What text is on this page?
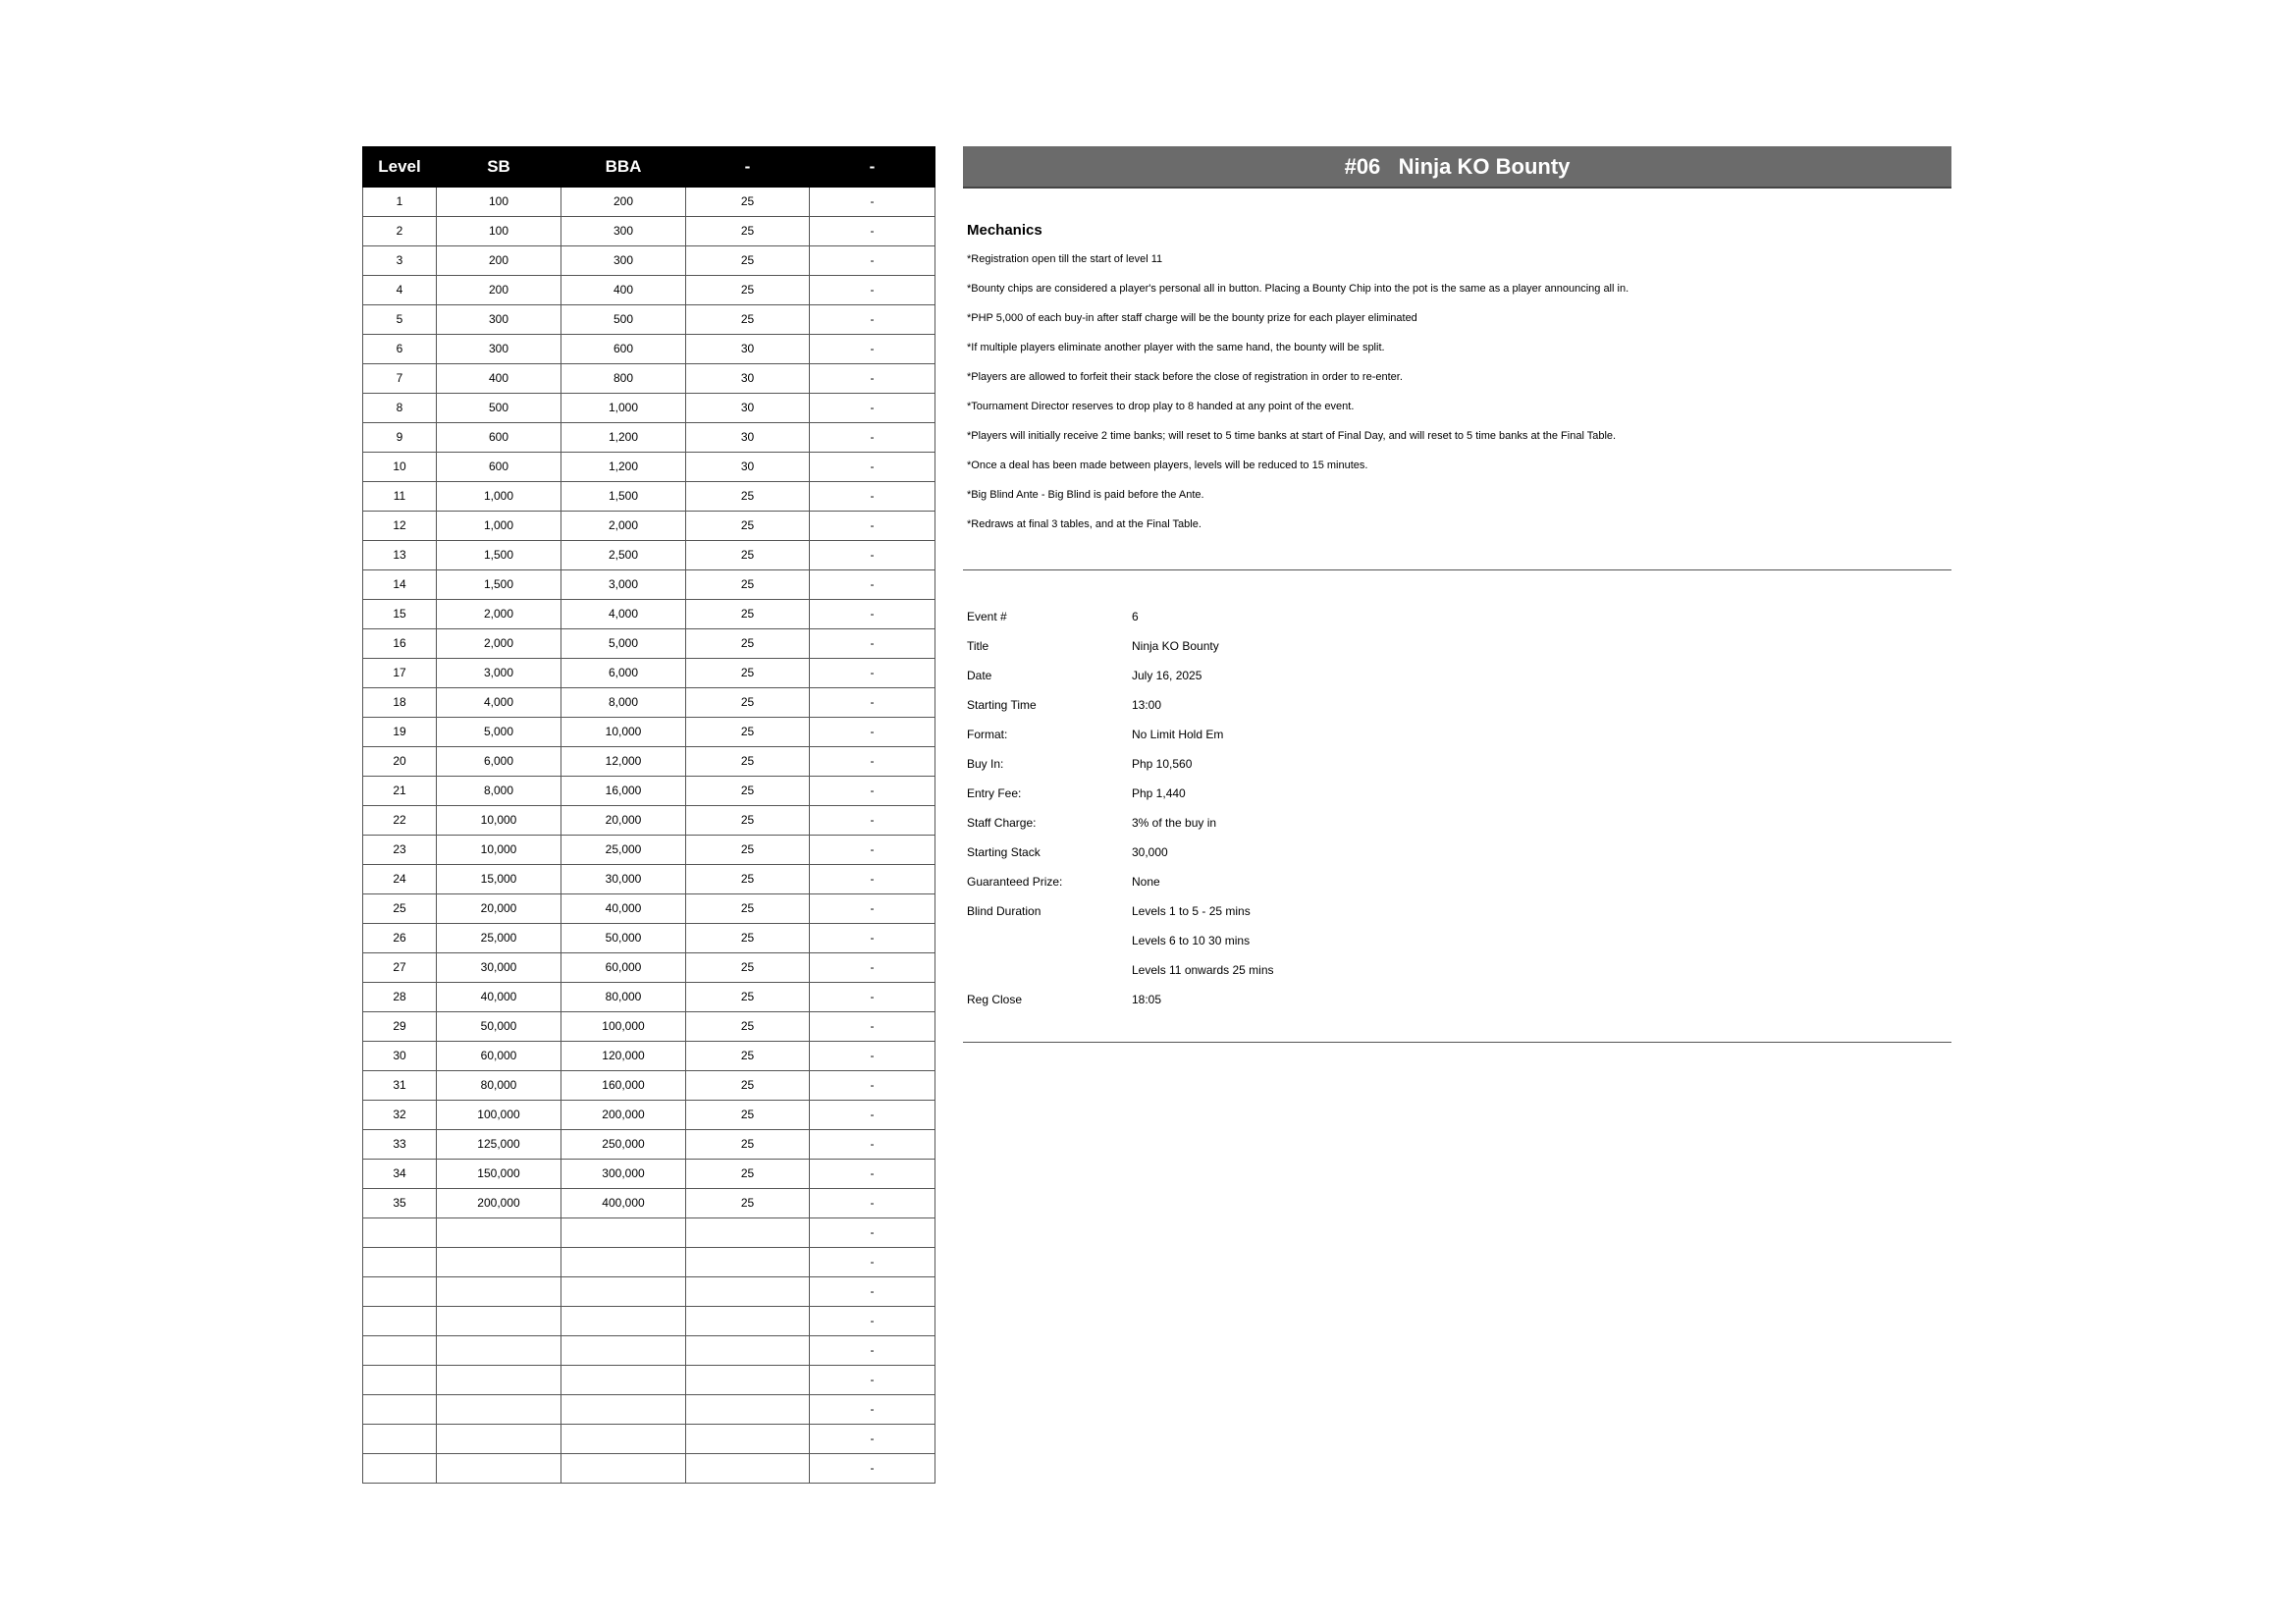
Level	SB	BBA	-	-
1	100	200	25	-
2	100	300	25	-
3	200	300	25	-
4	200	400	25	-
5	300	500	25	-
6	300	600	30	-
7	400	800	30	-
8	500	1,000	30	-
9	600	1,200	30	-
10	600	1,200	30	-
11	1,000	1,500	25	-
12	1,000	2,000	25	-
13	1,500	2,500	25	-
14	1,500	3,000	25	-
15	2,000	4,000	25	-
16	2,000	5,000	25	-
17	3,000	6,000	25	-
18	4,000	8,000	25	-
19	5,000	10,000	25	-
20	6,000	12,000	25	-
21	8,000	16,000	25	-
22	10,000	20,000	25	-
23	10,000	25,000	25	-
24	15,000	30,000	25	-
25	20,000	40,000	25	-
26	25,000	50,000	25	-
27	30,000	60,000	25	-
28	40,000	80,000	25	-
29	50,000	100,000	25	-
30	60,000	120,000	25	-
31	80,000	160,000	25	-
32	100,000	200,000	25	-
33	125,000	250,000	25	-
34	150,000	300,000	25	-
35	200,000	400,000	25	-
				-
				-
				-
				-
				-
				-
				-
				-
				-
#06   Ninja KO Bounty
Mechanics
*Registration open till the start of level 11
*Bounty chips are considered a player's personal all in button. Placing a Bounty Chip into the pot is the same as a player announcing all in.
*PHP 5,000 of each buy-in after staff charge will be the bounty prize for each player eliminated
*If multiple players eliminate another player with the same hand, the bounty will be split.
*Players are allowed to forfeit their stack before the close of registration in order to re-enter.
*Tournament Director reserves to drop play to 8 handed at any point of the event.
*Players will initially receive 2 time banks; will reset to 5 time banks at start of Final Day, and will reset to 5 time banks at the Final Table.
*Once a deal has been made between players, levels will be reduced to 15 minutes.
*Big Blind Ante - Big Blind is paid before the Ante.
*Redraws at final 3 tables, and at the Final Table.
Event #	6
Title	Ninja KO Bounty
Date	July 16, 2025
Starting Time	13:00
Format:	No Limit Hold Em
Buy In:	Php 10,560
Entry Fee:	Php 1,440
Staff Charge:	3% of the buy in
Starting Stack	30,000
Guaranteed Prize:	None
Blind Duration	Levels 1 to 5 - 25 mins
Levels 6 to 10 30 mins
Levels 11 onwards 25 mins
Reg Close	18:05
